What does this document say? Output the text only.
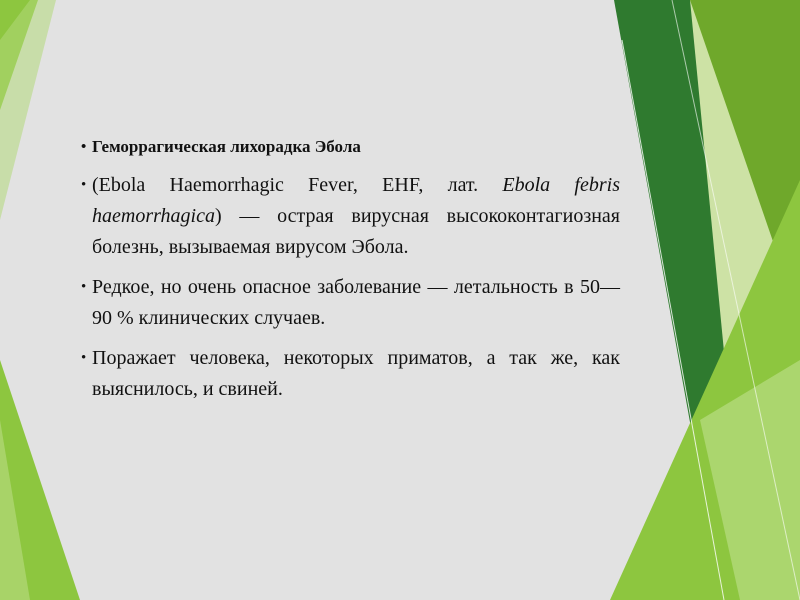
• Геморрагическая лихорадка Эбола

• (Ebola Haemorrhagic Fever, EHF, лат. Ebola febris haemorrhagica) — острая вирусная высококонтагиозная болезнь, вызываемая вирусом Эбола.

• Редкое, но очень опасное заболевание — летальность в 50—90 % клинических случаев.

• Поражает человека, некоторых приматов, а так же, как выяснилось, и свиней.
